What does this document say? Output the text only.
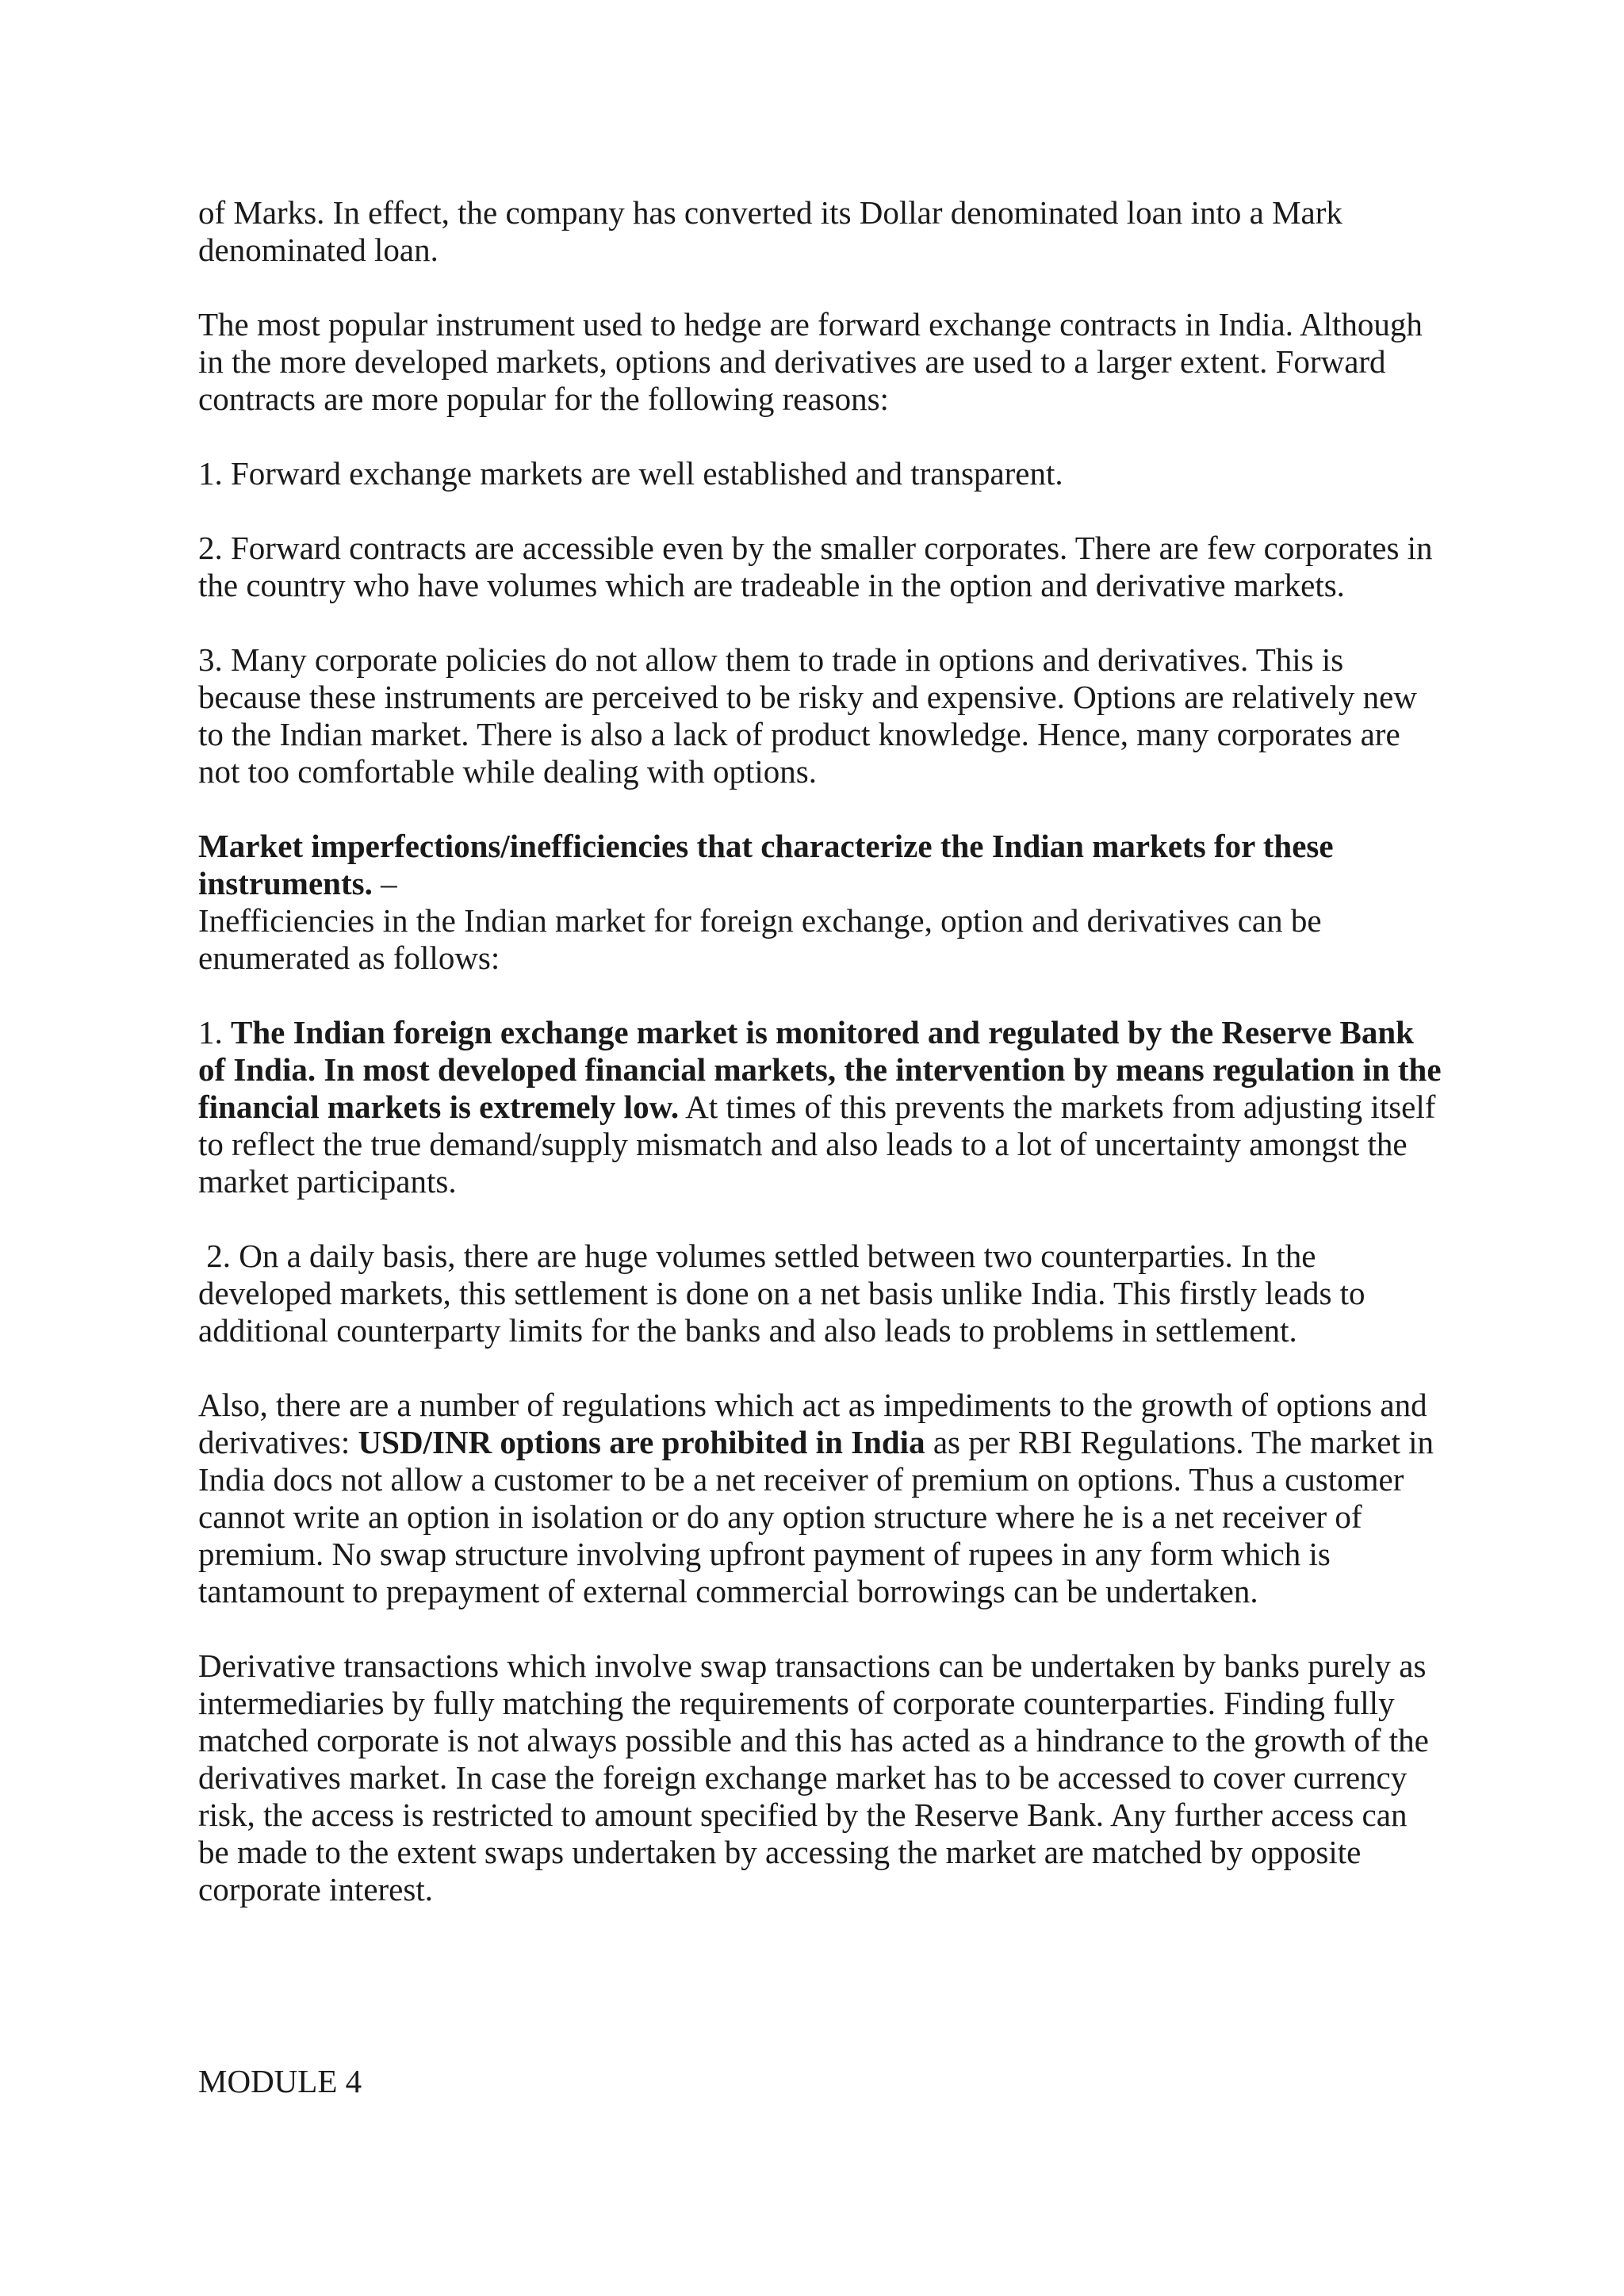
of Marks. In effect, the company has converted its Dollar denominated loan into a Mark denominated loan.

The most popular instrument used to hedge are forward exchange contracts in India. Although in the more developed markets, options and derivatives are used to a larger extent. Forward contracts are more popular for the following reasons:

1. Forward exchange markets are well established and transparent.

2. Forward contracts are accessible even by the smaller corporates. There are few corporates in the country who have volumes which are tradeable in the option and derivative markets.

3. Many corporate policies do not allow them to trade in options and derivatives. This is because these instruments are perceived to be risky and expensive. Options are relatively new to the Indian market. There is also a lack of product knowledge. Hence, many corporates are not too comfortable while dealing with options.

Market imperfections/inefficiencies that characterize the Indian markets for these instruments. –

Inefficiencies in the Indian market for foreign exchange, option and derivatives can be enumerated as follows:

1. The Indian foreign exchange market is monitored and regulated by the Reserve Bank of India. In most developed financial markets, the intervention by means regulation in the financial markets is extremely low. At times of this prevents the markets from adjusting itself to reflect the true demand/supply mismatch and also leads to a lot of uncertainty amongst the market participants.

2. On a daily basis, there are huge volumes settled between two counterparties. In the developed markets, this settlement is done on a net basis unlike India. This firstly leads to additional counterparty limits for the banks and also leads to problems in settlement.

Also, there are a number of regulations which act as impediments to the growth of options and derivatives: USD/INR options are prohibited in India as per RBI Regulations. The market in India docs not allow a customer to be a net receiver of premium on options. Thus a customer cannot write an option in isolation or do any option structure where he is a net receiver of premium. No swap structure involving upfront payment of rupees in any form which is tantamount to prepayment of external commercial borrowings can be undertaken.

Derivative transactions which involve swap transactions can be undertaken by banks purely as intermediaries by fully matching the requirements of corporate counterparties. Finding fully matched corporate is not always possible and this has acted as a hindrance to the growth of the derivatives market. In case the foreign exchange market has to be accessed to cover currency risk, the access is restricted to amount specified by the Reserve Bank. Any further access can be made to the extent swaps undertaken by accessing the market are matched by opposite corporate interest.

MODULE 4
